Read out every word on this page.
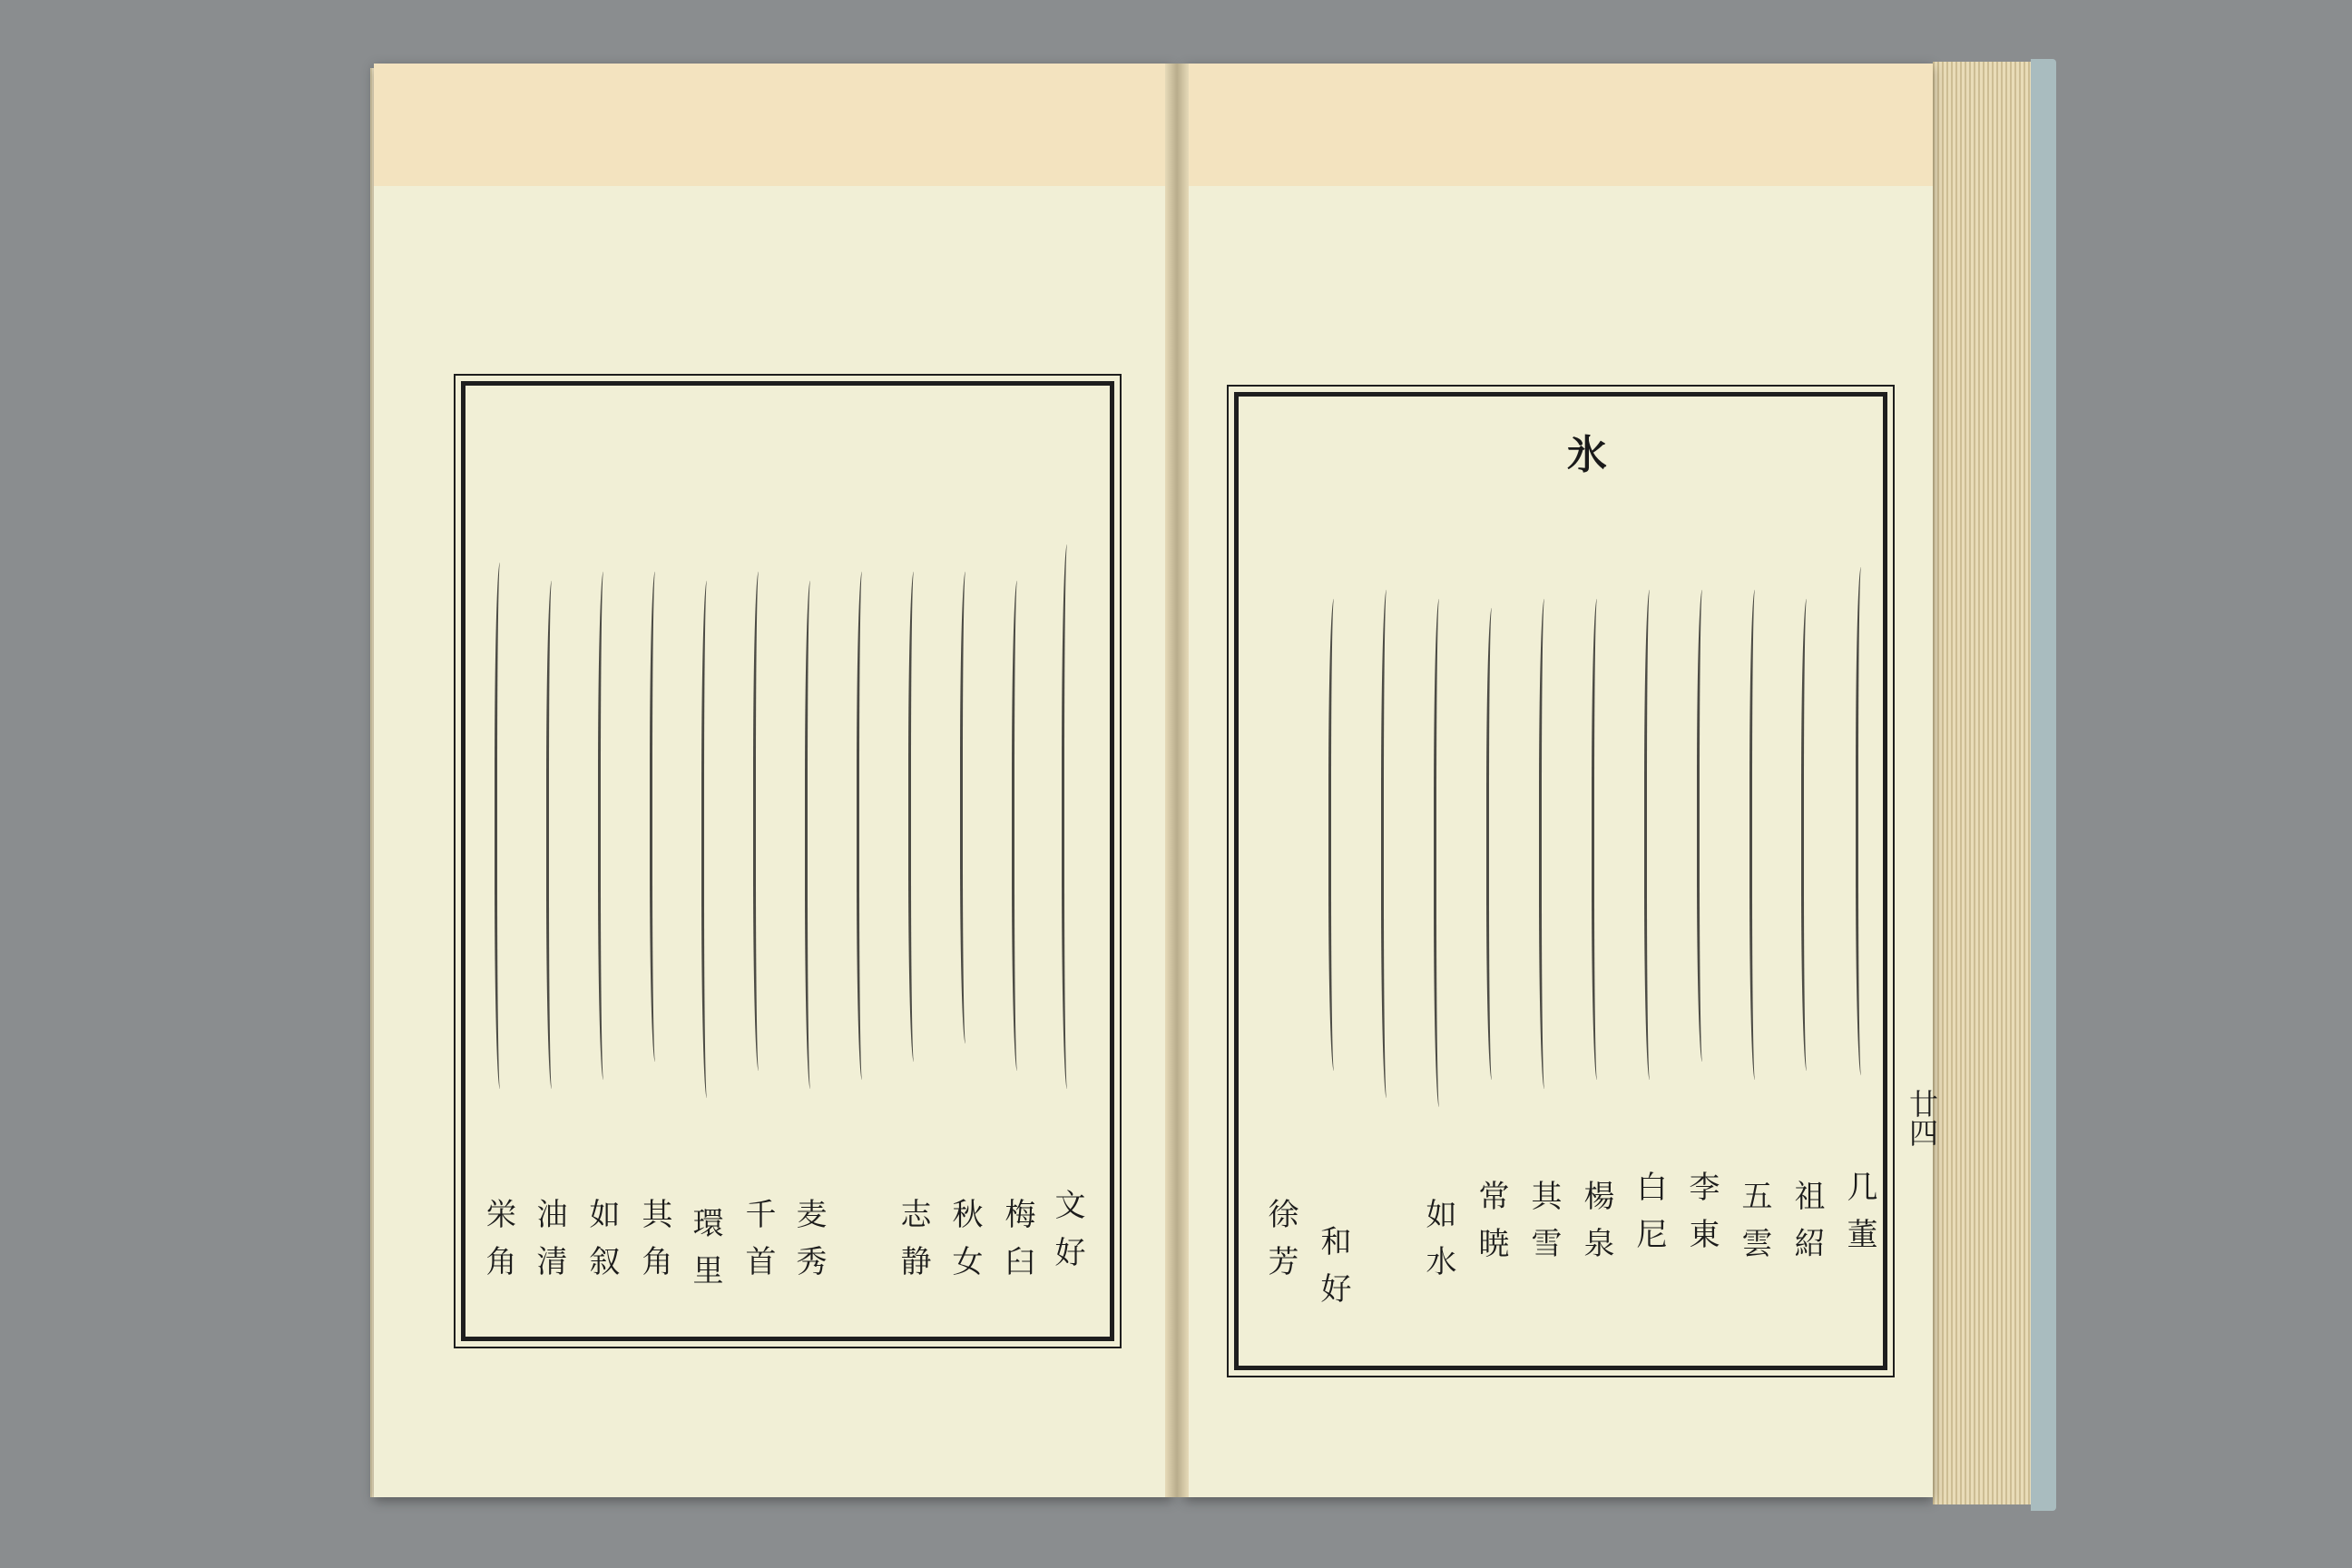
氷
廿四
几董
祖紹
五雲
李東
白尼
楊泉
其雪
常暁
如水
和好
徐芳
文好
梅臼
秋女
志静
麦秀
千首
環里
其角
如叙
油清
栄角
